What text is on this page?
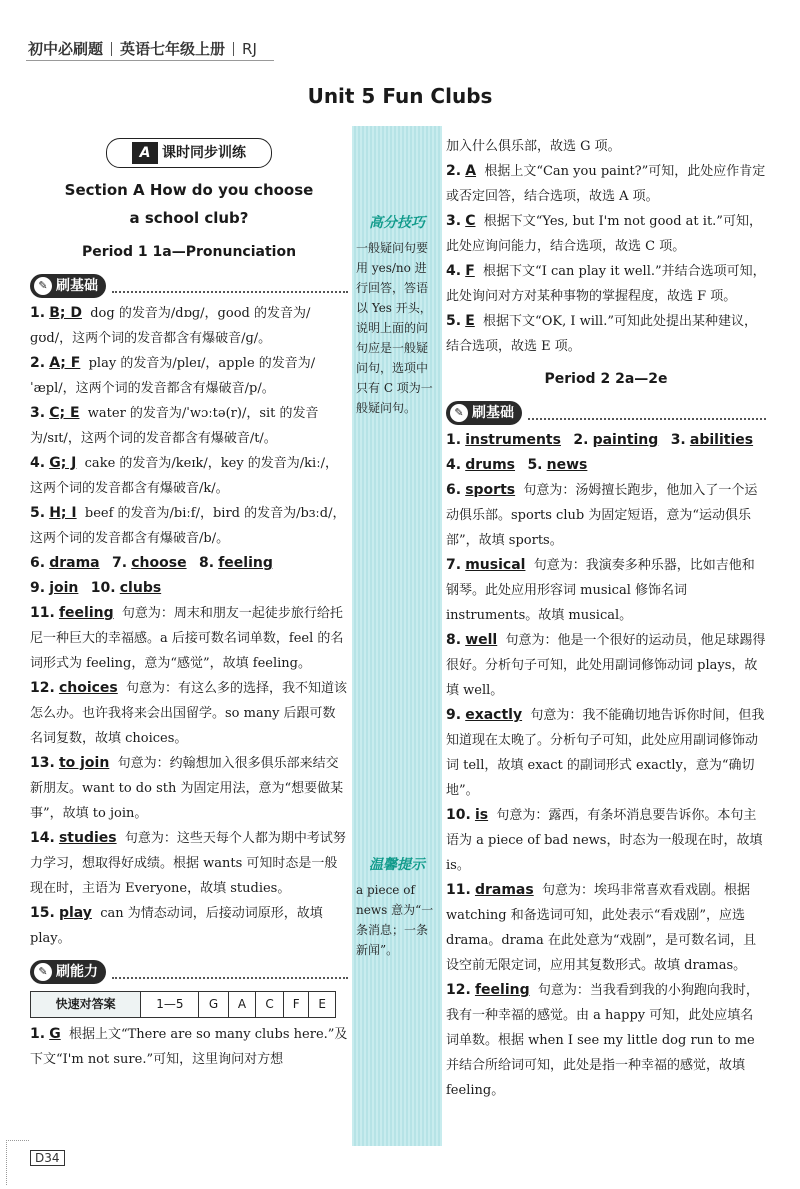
初中必刷题 英语七年级上册 RJ
Unit 5 Fun Clubs
高分技巧
一般疑问句要用 yes/no 进行回答，答语以 Yes 开头，说明上面的问句应是一般疑问句，选项中只有 C 项为一般疑问句。
温馨提示
a piece of news 意为“一条消息；一条新闻”。
A 课时同步训练
Section A How do you choose
a school club?
Period 1 1a—Pronunciation
✎ 刷基础
1. B; D dog 的发音为/dɒɡ/，good 的发音为/ɡʊd/，这两个词的发音都含有爆破音/ɡ/。
2. A; F play 的发音为/pleɪ/，apple 的发音为/ˈæpl/，这两个词的发音都含有爆破音/p/。
3. C; E water 的发音为/ˈwɔːtə(r)/，sit 的发音为/sɪt/，这两个词的发音都含有爆破音/t/。
4. G; J cake 的发音为/keɪk/，key 的发音为/kiː/，这两个词的发音都含有爆破音/k/。
5. H; I beef 的发音为/biːf/，bird 的发音为/bɜːd/，这两个词的发音都含有爆破音/b/。
6. drama 7. choose 8. feeling
9. join 10. clubs
11. feeling 句意为：周末和朋友一起徒步旅行给托尼一种巨大的幸福感。a 后接可数名词单数，feel 的名词形式为 feeling，意为“感觉”，故填 feeling。
12. choices 句意为：有这么多的选择，我不知道该怎么办。也许我将来会出国留学。so many 后跟可数名词复数，故填 choices。
13. to join 句意为：约翰想加入很多俱乐部来结交新朋友。want to do sth 为固定用法，意为“想要做某事”，故填 to join。
14. studies 句意为：这些天每个人都为期中考试努力学习，想取得好成绩。根据 wants 可知时态是一般现在时，主语为 Everyone，故填 studies。
15. play can 为情态动词，后接动词原形，故填 play。
✎ 刷能力
快速对答案	1—5	G	A	C	F	E
1. G 根据上文“There are so many clubs here.”及下文“I'm not sure.”可知，这里询问对方想
加入什么俱乐部，故选 G 项。
2. A 根据上文“Can you paint?”可知，此处应作肯定或否定回答，结合选项，故选 A 项。
3. C 根据下文“Yes, but I'm not good at it.”可知，此处应询问能力，结合选项，故选 C 项。
4. F 根据下文“I can play it well.”并结合选项可知，此处询问对方对某种事物的掌握程度，故选 F 项。
5. E 根据下文“OK, I will.”可知此处提出某种建议，结合选项，故选 E 项。
Period 2 2a—2e
✎ 刷基础
1. instruments 2. painting 3. abilities
4. drums 5. news
6. sports 句意为：汤姆擅长跑步，他加入了一个运动俱乐部。sports club 为固定短语，意为“运动俱乐部”，故填 sports。
7. musical 句意为：我演奏多种乐器，比如吉他和钢琴。此处应用形容词 musical 修饰名词 instruments。故填 musical。
8. well 句意为：他是一个很好的运动员，他足球踢得很好。分析句子可知，此处用副词修饰动词 plays，故填 well。
9. exactly 句意为：我不能确切地告诉你时间，但我知道现在太晚了。分析句子可知，此处应用副词修饰动词 tell，故填 exact 的副词形式 exactly，意为“确切地”。
10. is 句意为：露西，有条坏消息要告诉你。本句主语为 a piece of bad news，时态为一般现在时，故填 is。
11. dramas 句意为：埃玛非常喜欢看戏剧。根据 watching 和备选词可知，此处表示“看戏剧”，应选 drama。drama 在此处意为“戏剧”，是可数名词，且设空前无限定词，应用其复数形式。故填 dramas。
12. feeling 句意为：当我看到我的小狗跑向我时，我有一种幸福的感觉。由 a happy 可知，此处应填名词单数。根据 when I see my little dog run to me 并结合所给词可知，此处是指一种幸福的感觉，故填 feeling。
D34
